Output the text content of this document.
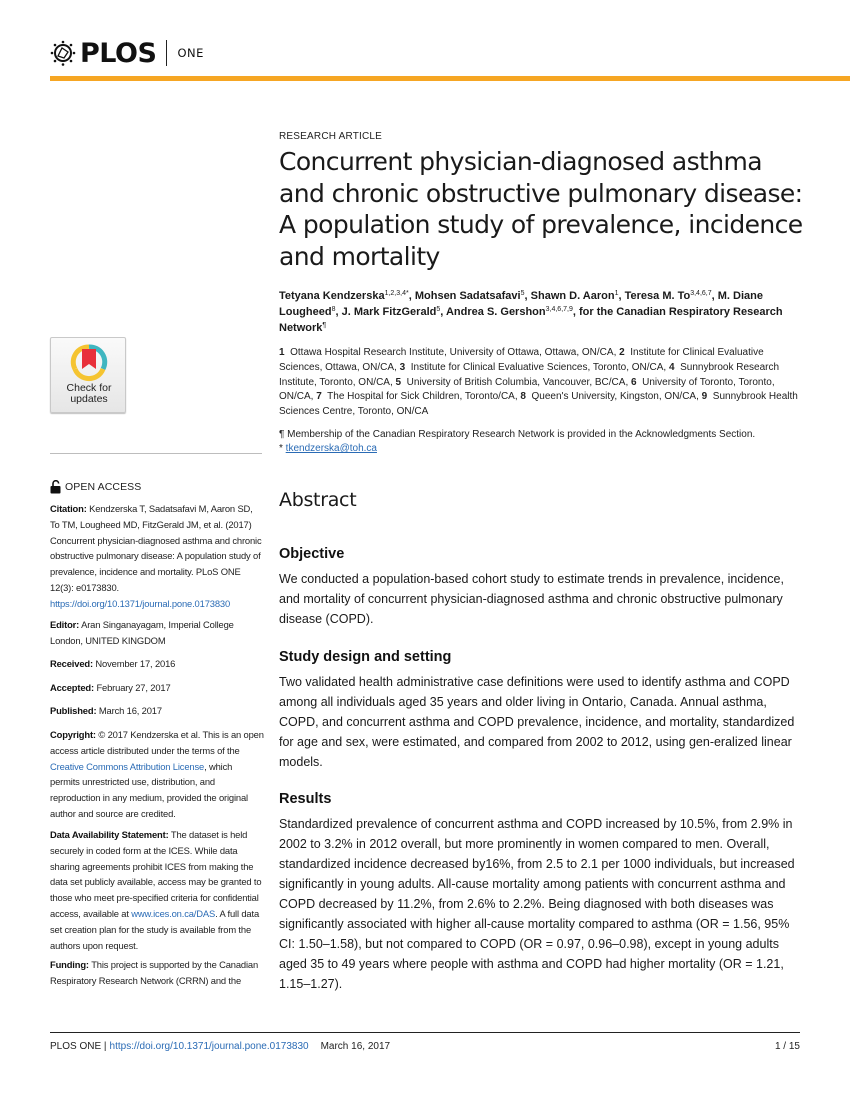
PLOS ONE
RESEARCH ARTICLE
Concurrent physician-diagnosed asthma and chronic obstructive pulmonary disease: A population study of prevalence, incidence and mortality
Tetyana Kendzerska$^{1,2,3,4*}$, Mohsen Sadatsafavi$^5$, Shawn D. Aaron$^1$, Teresa M. To$^{3,4,6,7}$, M. Diane Lougheed$^8$, J. Mark FitzGerald$^5$, Andrea S. Gershon$^{3,4,6,7,9}$, for the Canadian Respiratory Research Network¶
1  Ottawa Hospital Research Institute, University of Ottawa, Ottawa, ON/CA, 2  Institute for Clinical Evaluative Sciences, Ottawa, ON/CA, 3  Institute for Clinical Evaluative Sciences, Toronto, ON/CA, 4  Sunnybrook Research Institute, Toronto, ON/CA, 5  University of British Columbia, Vancouver, BC/CA, 6  University of Toronto, Toronto, ON/CA, 7  The Hospital for Sick Children, Toronto/CA, 8  Queen's University, Kingston, ON/CA, 9  Sunnybrook Health Sciences Centre, Toronto, ON/CA
¶ Membership of the Canadian Respiratory Research Network is provided in the Acknowledgments Section.
* tkendzerska@toh.ca
Abstract
Objective

We conducted a population-based cohort study to estimate trends in prevalence, incidence, and mortality of concurrent physician-diagnosed asthma and chronic obstructive pulmonary disease (COPD).

Study design and setting

Two validated health administrative case definitions were used to identify asthma and COPD among all individuals aged 35 years and older living in Ontario, Canada. Annual asthma, COPD, and concurrent asthma and COPD prevalence, incidence, and mortality, standardized for age and sex, were estimated, and compared from 2002 to 2012, using gen-eralized linear models.

Results

Standardized prevalence of concurrent asthma and COPD increased by 10.5%, from 2.9% in 2002 to 3.2% in 2012 overall, but more prominently in women compared to men. Overall, standardized incidence decreased by16%, from 2.5 to 2.1 per 1000 individuals, but increased significantly in young adults. All-cause mortality among patients with concurrent asthma and COPD decreased by 11.2%, from 2.6% to 2.2%. Being diagnosed with both diseases was significantly associated with higher all-cause mortality compared to asthma (OR = 1.56, 95% CI: 1.50–1.58), but not compared to COPD (OR = 0.97, 0.96–0.98), except in young adults aged 35 to 49 years where people with asthma and COPD had higher mortality (OR = 1.21, 1.15–1.27).

Check for
updates
OPEN ACCESS
Citation: Kendzerska T, Sadatsafavi M, Aaron SD, To TM, Lougheed MD, FitzGerald JM, et al. (2017) Concurrent physician-diagnosed asthma and chronic obstructive pulmonary disease: A population study of prevalence, incidence and mortality. PLoS ONE 12(3): e0173830. https://doi.org/10.1371/journal.pone.0173830
Editor: Aran Singanayagam, Imperial College London, UNITED KINGDOM
Received: November 17, 2016
Accepted: February 27, 2017
Published: March 16, 2017
Copyright: © 2017 Kendzerska et al. This is an open access article distributed under the terms of the Creative Commons Attribution License, which permits unrestricted use, distribution, and reproduction in any medium, provided the original author and source are credited.
Data Availability Statement: The dataset is held securely in coded form at the ICES. While data sharing agreements prohibit ICES from making the data set publicly available, access may be granted to those who meet pre-specified criteria for confidential access, available at www.ices.on.ca/DAS. A full data set creation plan for the study is available from the authors upon request.
Funding: This project is supported by the Canadian Respiratory Research Network (CRRN) and the
PLOS ONE | https://doi.org/10.1371/journal.pone.0173830 March 16, 2017	1 / 15
